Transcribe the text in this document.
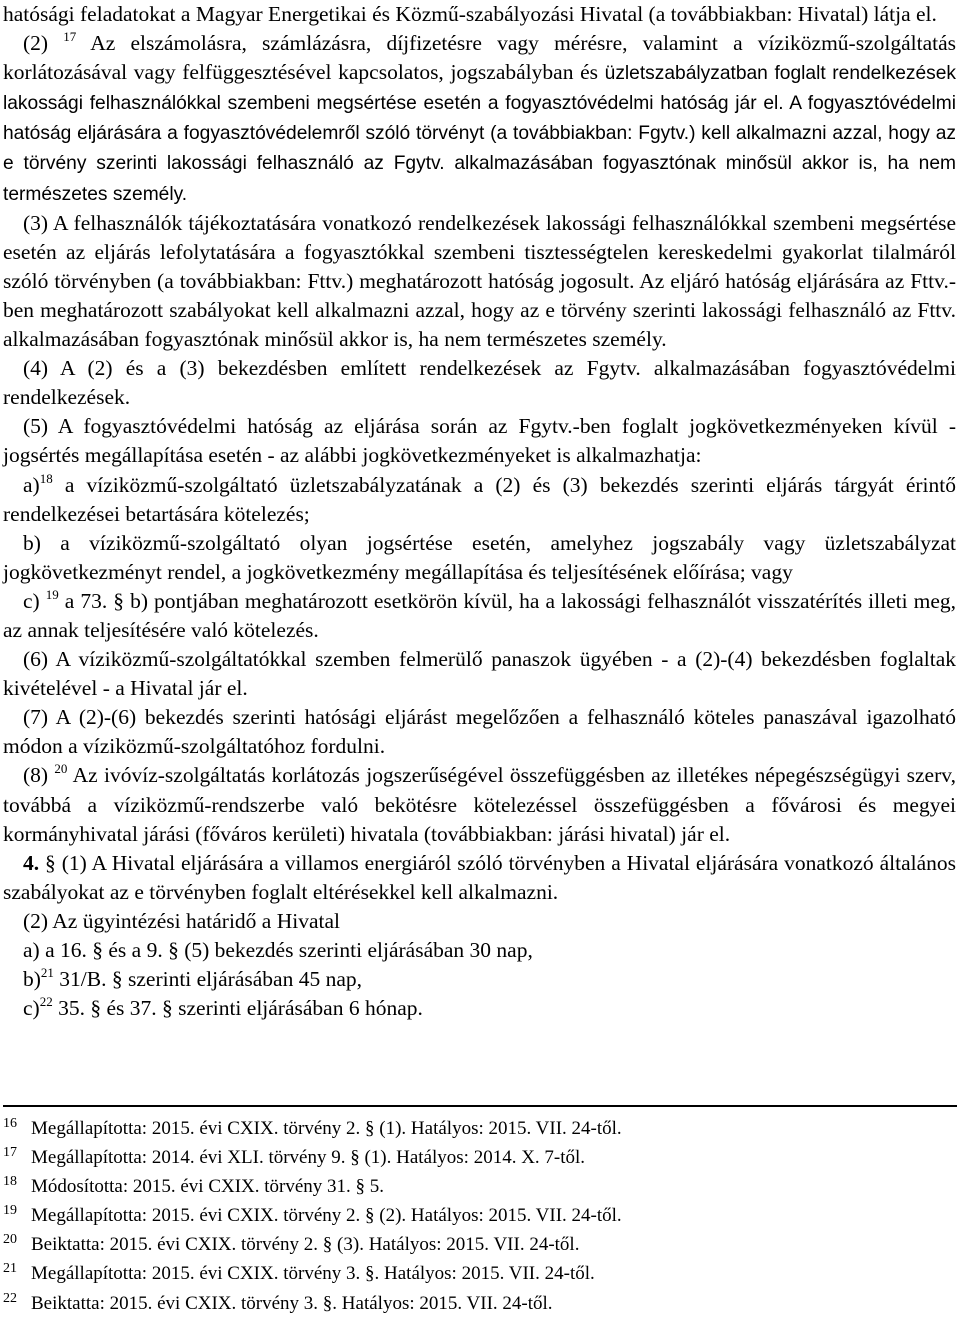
hatósági feladatokat a Magyar Energetikai és Közmű-szabályozási Hivatal (a továbbiakban: Hivatal) látja el.

(2) $^{17}$ Az elszámolásra, számlázásra, díjfizetésre vagy mérésre, valamint a víziközmű-szolgáltatás korlátozásával vagy felfüggesztésével kapcsolatos, jogszabályban és üzletszabályzatban foglalt rendelkezések lakossági felhasználókkal szembeni megsértése esetén a fogyasztóvédelmi hatóság jár el. A fogyasztóvédelmi hatóság eljárására a fogyasztóvédelemről szóló törvényt (a továbbiakban: Fgytv.) kell alkalmazni azzal, hogy az e törvény szerinti lakossági felhasználó az Fgytv. alkalmazásában fogyasztónak minősül akkor is, ha nem természetes személy.

(3) A felhasználók tájékoztatására vonatkozó rendelkezések lakossági felhasználókkal szembeni megsértése esetén az eljárás lefolytatására a fogyasztókkal szembeni tisztességtelen kereskedelmi gyakorlat tilalmáról szóló törvényben (a továbbiakban: Fttv.) meghatározott hatóság jogosult. Az eljáró hatóság eljárására az Fttv.-ben meghatározott szabályokat kell alkalmazni azzal, hogy az e törvény szerinti lakossági felhasználó az Fttv. alkalmazásában fogyasztónak minősül akkor is, ha nem természetes személy.

(4) A (2) és a (3) bekezdésben említett rendelkezések az Fgytv. alkalmazásában fogyasztóvédelmi rendelkezések.

(5) A fogyasztóvédelmi hatóság az eljárása során az Fgytv.-ben foglalt jogkövetkezményeken kívül - jogsértés megállapítása esetén - az alábbi jogkövetkezményeket is alkalmazhatja:

a)$^{18}$ a víziközmű-szolgáltató üzletszabályzatának a (2) és (3) bekezdés szerinti eljárás tárgyát érintő rendelkezései betartására kötelezés;

b) a víziközmű-szolgáltató olyan jogsértése esetén, amelyhez jogszabály vagy üzletszabályzat jogkövetkezményt rendel, a jogkövetkezmény megállapítása és teljesítésének előírása; vagy

c) $^{19}$ a 73. § b) pontjában meghatározott esetkörön kívül, ha a lakossági felhasználót visszatérítés illeti meg, az annak teljesítésére való kötelezés.

(6) A víziközmű-szolgáltatókkal szemben felmerülő panaszok ügyében - a (2)-(4) bekezdésben foglaltak kivételével - a Hivatal jár el.

(7) A (2)-(6) bekezdés szerinti hatósági eljárást megelőzően a felhasználó köteles panaszával igazolható módon a víziközmű-szolgáltatóhoz fordulni.

(8) $^{20}$ Az ivóvíz-szolgáltatás korlátozás jogszerűségével összefüggésben az illetékes népegészségügyi szerv, továbbá a víziközmű-rendszerbe való bekötésre kötelezéssel összefüggésben a fővárosi és megyei kormányhivatal járási (főváros kerületi) hivatala (továbbiakban: járási hivatal) jár el.

4. § (1) A Hivatal eljárására a villamos energiáról szóló törvényben a Hivatal eljárására vonatkozó általános szabályokat az e törvényben foglalt eltérésekkel kell alkalmazni.

(2) Az ügyintézési határidő a Hivatal
a) a 16. § és a 9. § (5) bekezdés szerinti eljárásában 30 nap,
b)$^{21}$ 31/B. § szerinti eljárásában 45 nap,
c)$^{22}$ 35. § és 37. § szerinti eljárásában 6 hónap.

16 Megállapította: 2015. évi CXIX. törvény 2. § (1). Hatályos: 2015. VII. 24-től.
17 Megállapította: 2014. évi XLI. törvény 9. § (1). Hatályos: 2014. X. 7-től.
18 Módosította: 2015. évi CXIX. törvény 31. § 5.
19 Megállapította: 2015. évi CXIX. törvény 2. § (2). Hatályos: 2015. VII. 24-től.
20 Beiktatta: 2015. évi CXIX. törvény 2. § (3). Hatályos: 2015. VII. 24-től.
21 Megállapította: 2015. évi CXIX. törvény 3. §. Hatályos: 2015. VII. 24-től.
22 Beiktatta: 2015. évi CXIX. törvény 3. §. Hatályos: 2015. VII. 24-től.
